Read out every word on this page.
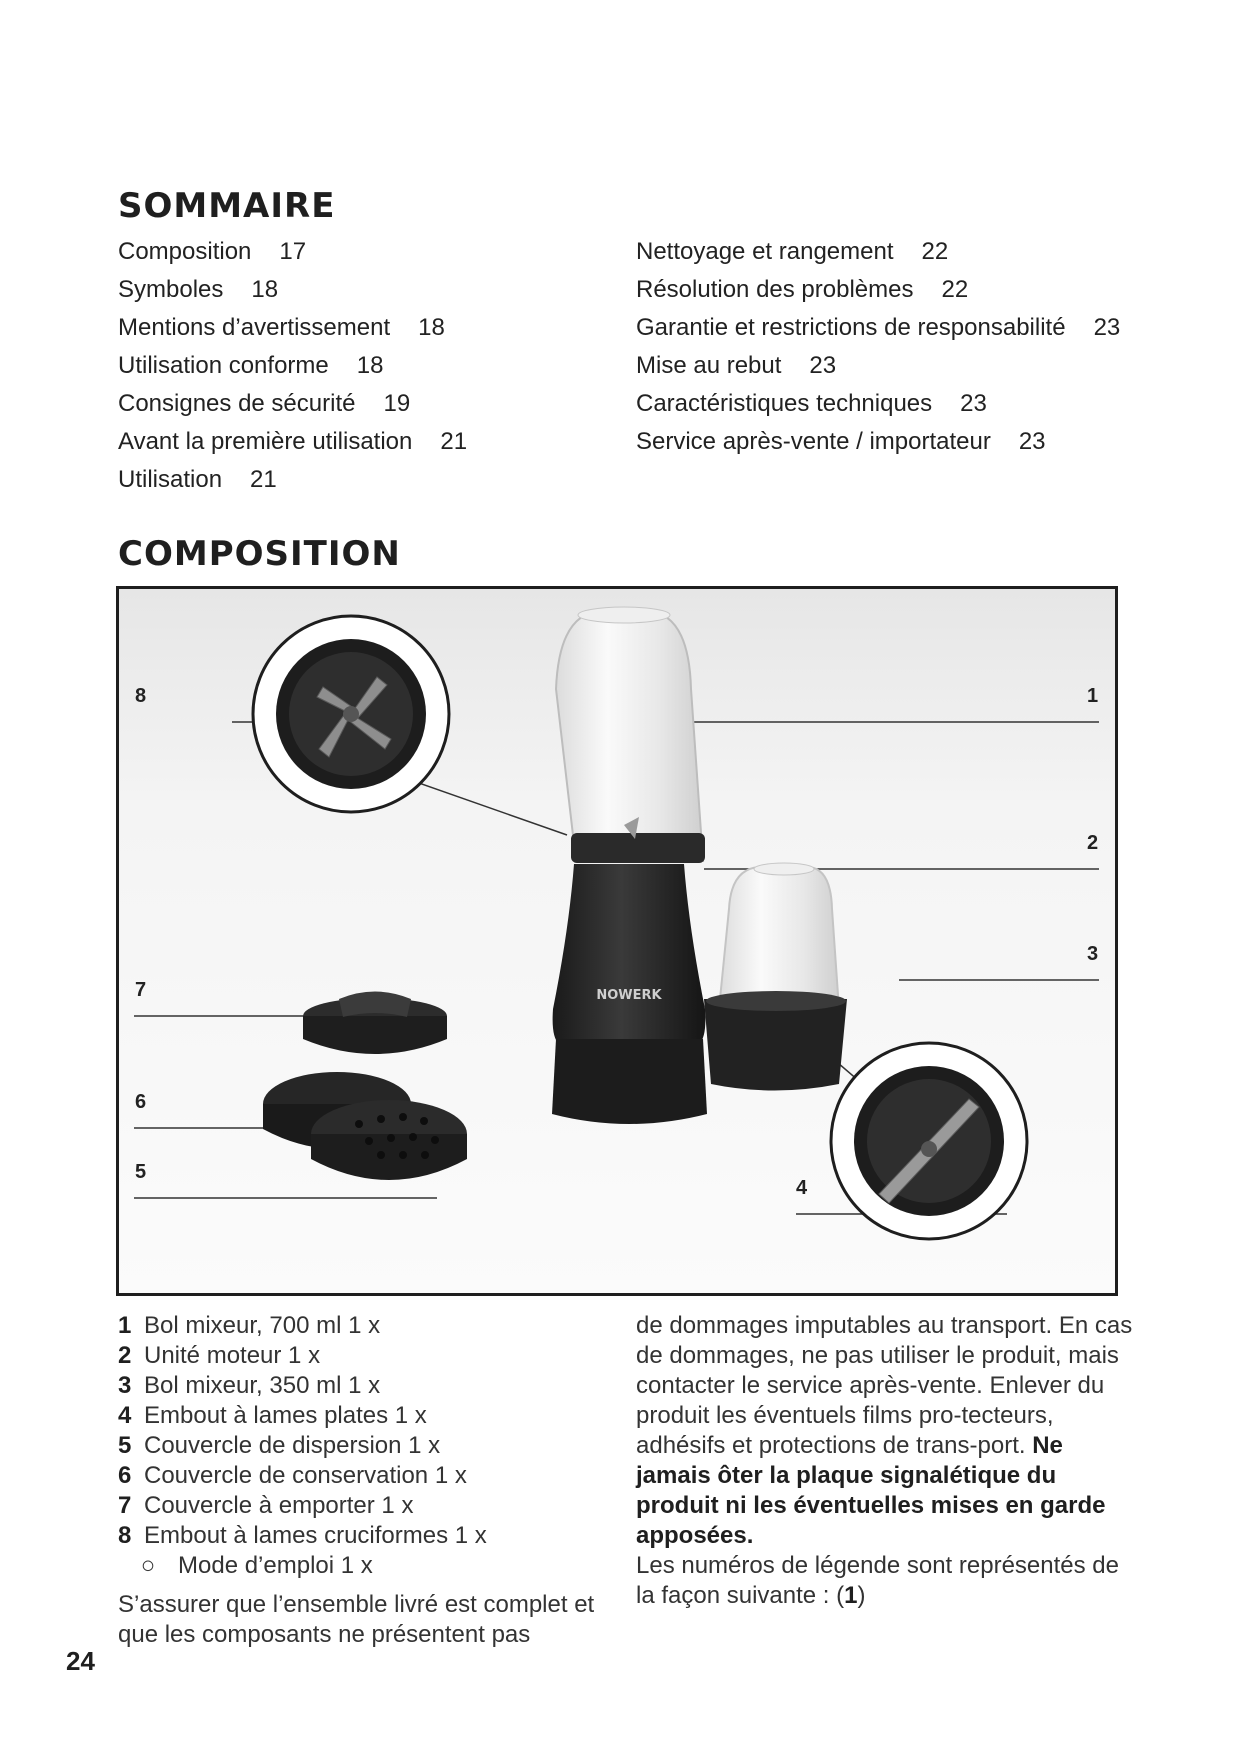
SOMMAIRE
Composition 17
Symboles 18
Mentions d’avertissement 18
Utilisation conforme 18
Consignes de sécurité 19
Avant la première utilisation 21
Utilisation 21
Nettoyage et rangement 22
Résolution des problèmes 22
Garantie et restrictions de responsabilité 23
Mise au rebut 23
Caractéristiques techniques 23
Service après-vente / importateur 23
COMPOSITION
NOWERK
8	1
2
3
7
6
5
4
1 Bol mixeur, 700 ml 1 x
2 Unité moteur 1 x
3 Bol mixeur, 350 ml 1 x
4 Embout à lames plates 1 x
5 Couvercle de dispersion 1 x
6 Couvercle de conservation 1 x
7 Couvercle à emporter 1 x
8 Embout à lames cruciformes 1 x
○ Mode d’emploi 1 x

S’assurer que l’ensemble livré est complet et que les composants ne présentent pas

de dommages imputables au transport. En cas de dommages, ne pas utiliser le produit, mais contacter le service après-vente. Enlever du produit les éventuels films pro-tecteurs, adhésifs et protections de trans-port. Ne jamais ôter la plaque signalétique du produit ni les éventuelles mises en garde apposées.

Les numéros de légende sont représentés de la façon suivante : (1)

24
